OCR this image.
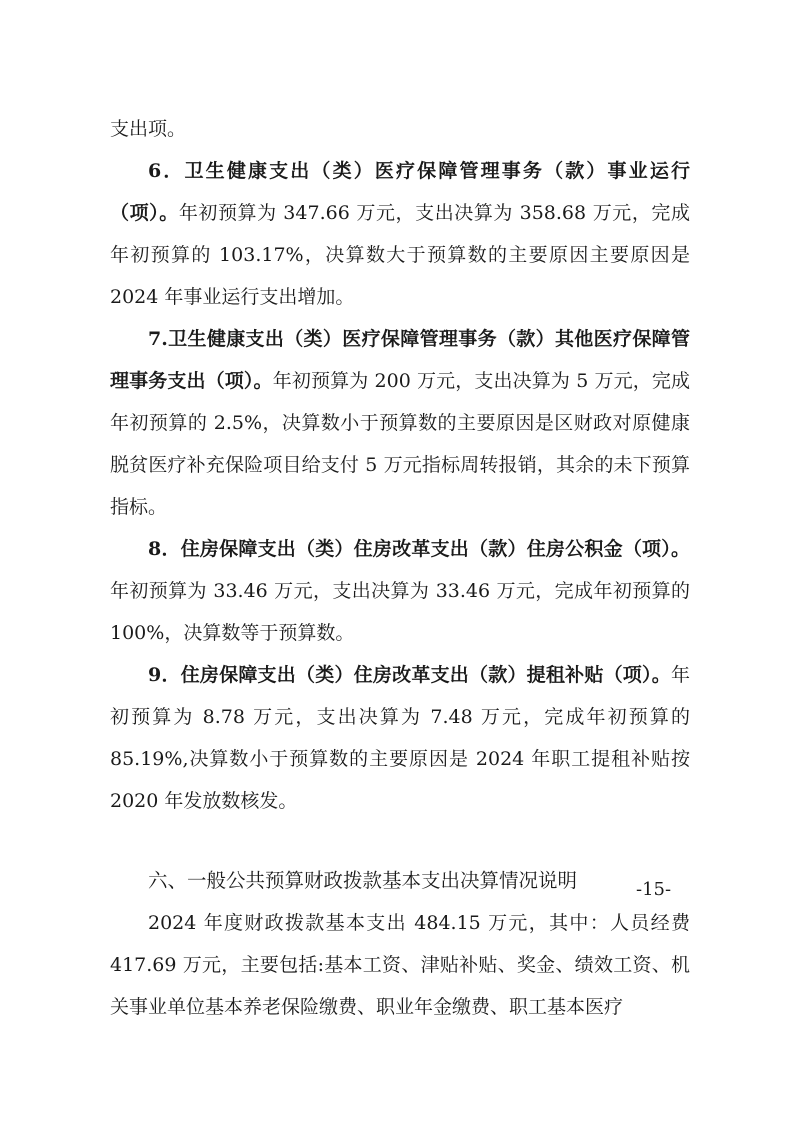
支出项。

6．卫生健康支出（类）医疗保障管理事务（款）事业运行（项）。年初预算为 347.66 万元，支出决算为 358.68 万元，完成年初预算的 103.17%，决算数大于预算数的主要原因主要原因是 2024 年事业运行支出增加。

7.卫生健康支出（类）医疗保障管理事务（款）其他医疗保障管理事务支出（项）。年初预算为 200 万元，支出决算为 5 万元，完成年初预算的 2.5%，决算数小于预算数的主要原因是区财政对原健康脱贫医疗补充保险项目给支付 5 万元指标周转报销，其余的未下预算指标。

8．住房保障支出（类）住房改革支出（款）住房公积金（项）。年初预算为 33.46 万元，支出决算为 33.46 万元，完成年初预算的 100%，决算数等于预算数。

9．住房保障支出（类）住房改革支出（款）提租补贴（项）。年初预算为 8.78 万元，支出决算为 7.48 万元，完成年初预算的 85.19%,决算数小于预算数的主要原因是 2024 年职工提租补贴按 2020 年发放数核发。

六、一般公共预算财政拨款基本支出决算情况说明

2024 年度财政拨款基本支出 484.15 万元，其中：人员经费 417.69 万元，主要包括:基本工资、津贴补贴、奖金、绩效工资、机关事业单位基本养老保险缴费、职业年金缴费、职工基本医疗

-15-
